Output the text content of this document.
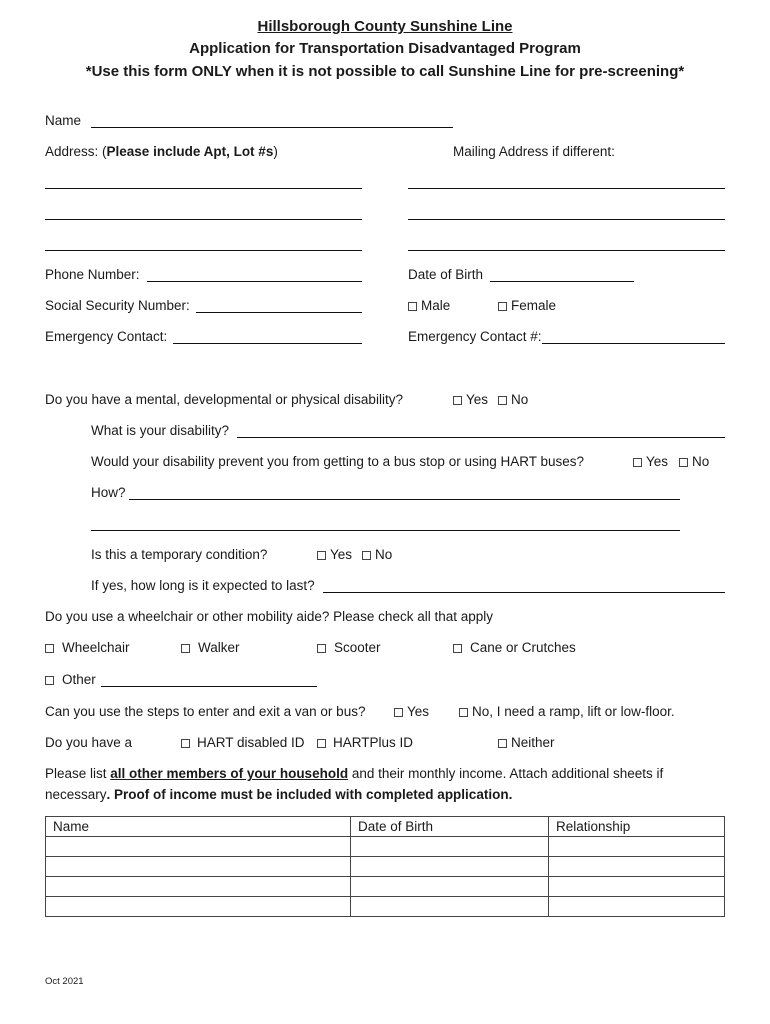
Hillsborough County Sunshine Line
Application for Transportation Disadvantaged Program
*Use this form ONLY when it is not possible to call Sunshine Line for pre-screening*
Name
Address: (Please include Apt, Lot #s)	Mailing Address if different:
Phone Number:	Date of Birth
Social Security Number:	Male	Female
Emergency Contact:	Emergency Contact #:
Do you have a mental, developmental or physical disability?	Yes	No
What is your disability?
Would your disability prevent you from getting to a bus stop or using HART buses?	Yes	No
How?
Is this a temporary condition?	Yes	No
If yes, how long is it expected to last?
Do you use a wheelchair or other mobility aide? Please check all that apply
Wheelchair	Walker	Scooter	Cane or Crutches
Other
Can you use the steps to enter and exit a van or bus?	Yes	No, I need a ramp, lift or low-floor.
Do you have a	HART disabled ID	HARTPlus ID	Neither
Please list all other members of your household and their monthly income. Attach additional sheets if
necessary. Proof of income must be included with completed application.
Name	Date of Birth	Relationship

Oct 2021
